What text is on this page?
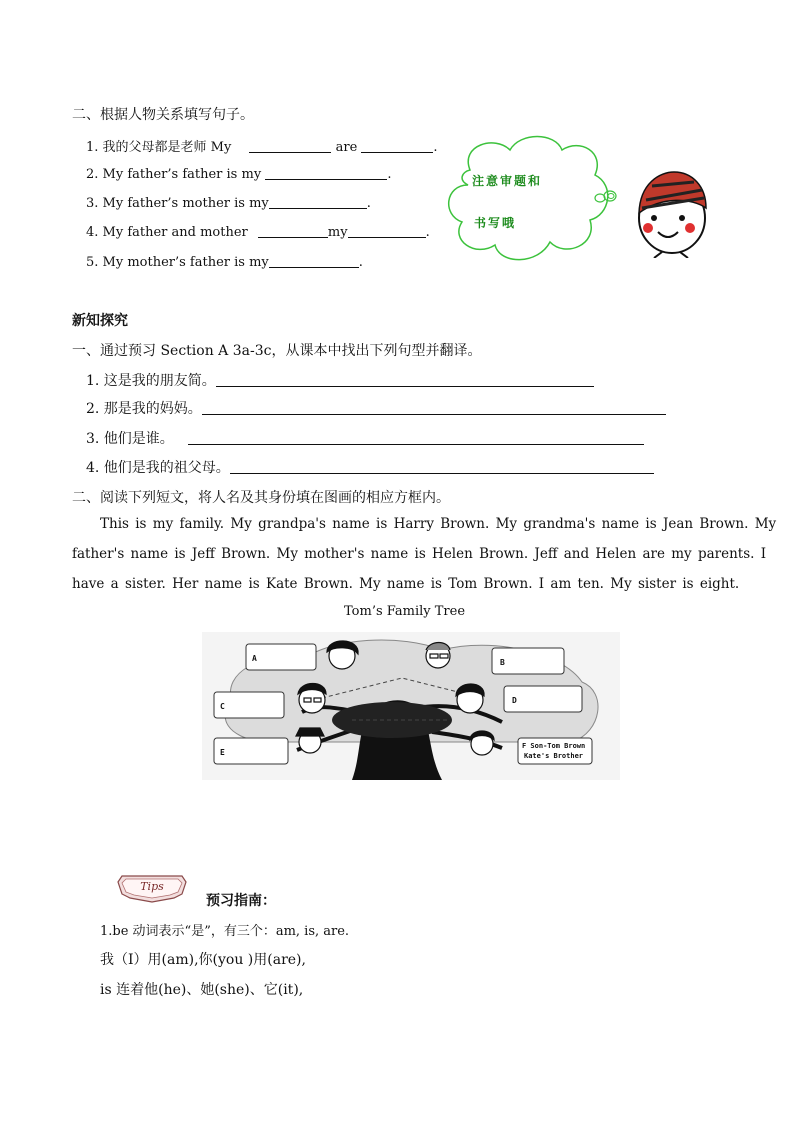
二、根据人物关系填写句子。
1. 我的父母都是老师 My	are	.
2. My father’s father is my	.
3. My father’s mother is my	.
4. My father and mother	my	.
5. My mother’s father is my	.
注意审题和
书写哦
新知探究
一、通过预习 Section A 3a-3c，从课本中找出下列句型并翻译。
1. 这是我的朋友简。
2. 那是我的妈妈。
3. 他们是谁。
4. 他们是我的祖父母。
二、阅读下列短文，将人名及其身份填在图画的相应方框内。
This is my family. My grandpa's name is Harry Brown. My grandma's name is Jean Brown. My
father's name is Jeff Brown. My mother's name is Helen Brown. Jeff and Helen are my parents. I
have a sister. Her name is Kate Brown. My name is Tom Brown. I am ten. My sister is eight.
Tom’s Family Tree
A	B
C
D
E
F Son-Tom Brown
Kate's Brother
Tips
预习指南：
1.be 动词表示“是”，有三个：am, is, are.
我（I）用(am),你(you )用(are),
is 连着他(he)、她(she)、它(it),
